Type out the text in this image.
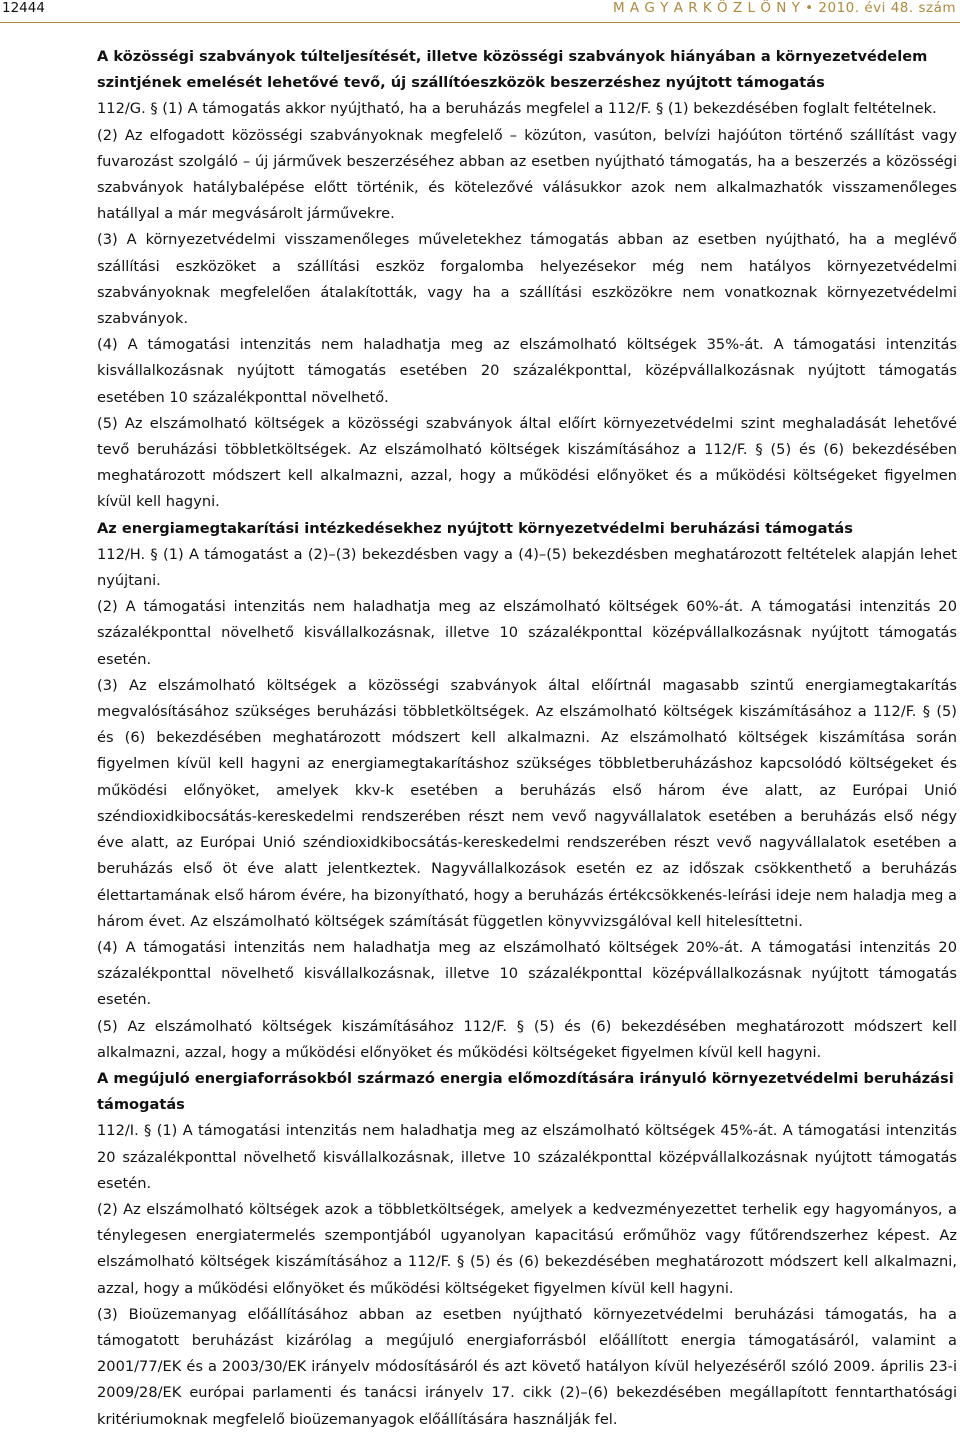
12444	M A G Y A R K Ö Z L Ö N Y • 2010. évi 48. szám
A közösségi szabványok túlteljesítését, illetve közösségi szabványok hiányában a környezetvédelem szintjének emelését lehetővé tevő, új szállítóeszközök beszerzéshez nyújtott támogatás

112/G. § (1) A támogatás akkor nyújtható, ha a beruházás megfelel a 112/F. § (1) bekezdésében foglalt feltételnek.

(2) Az elfogadott közösségi szabványoknak megfelelő – közúton, vasúton, belvízi hajóúton történő szállítást vagy fuvarozást szolgáló – új járművek beszerzéséhez abban az esetben nyújtható támogatás, ha a beszerzés a közösségi szabványok hatálybalépése előtt történik, és kötelezővé válásukkor azok nem alkalmazhatók visszamenőleges hatállyal a már megvásárolt járművekre.

(3) A környezetvédelmi visszamenőleges műveletekhez támogatás abban az esetben nyújtható, ha a meglévő szállítási eszközöket a szállítási eszköz forgalomba helyezésekor még nem hatályos környezetvédelmi szabványoknak megfelelően átalakították, vagy ha a szállítási eszközökre nem vonatkoznak környezetvédelmi szabványok.

(4) A támogatási intenzitás nem haladhatja meg az elszámolható költségek 35%-át. A támogatási intenzitás kisvállalkozásnak nyújtott támogatás esetében 20 százalékponttal, középvállalkozásnak nyújtott támogatás esetében 10 százalékponttal növelhető.

(5) Az elszámolható költségek a közösségi szabványok által előírt környezetvédelmi szint meghaladását lehetővé tevő beruházási többletköltségek. Az elszámolható költségek kiszámításához a 112/F. § (5) és (6) bekezdésében meghatározott módszert kell alkalmazni, azzal, hogy a működési előnyöket és a működési költségeket figyelmen kívül kell hagyni.

Az energiamegtakarítási intézkedésekhez nyújtott környezetvédelmi beruházási támogatás

112/H. § (1) A támogatást a (2)–(3) bekezdésben vagy a (4)–(5) bekezdésben meghatározott feltételek alapján lehet nyújtani.

(2) A támogatási intenzitás nem haladhatja meg az elszámolható költségek 60%-át. A támogatási intenzitás 20 százalékponttal növelhető kisvállalkozásnak, illetve 10 százalékponttal középvállalkozásnak nyújtott támogatás esetén.

(3) Az elszámolható költségek a közösségi szabványok által előírtnál magasabb szintű energiamegtakarítás megvalósításához szükséges beruházási többletköltségek. Az elszámolható költségek kiszámításához a 112/F. § (5) és (6) bekezdésében meghatározott módszert kell alkalmazni. Az elszámolható költségek kiszámítása során figyelmen kívül kell hagyni az energiamegtakarításhoz szükséges többletberuházáshoz kapcsolódó költségeket és működési előnyöket, amelyek kkv-k esetében a beruházás első három éve alatt, az Európai Unió széndioxidkibocsátás-kereskedelmi rendszerében részt nem vevő nagyvállalatok esetében a beruházás első négy éve alatt, az Európai Unió széndioxidkibocsátás-kereskedelmi rendszerében részt vevő nagyvállalatok esetében a beruházás első öt éve alatt jelentkeztek. Nagyvállalkozások esetén ez az időszak csökkenthető a beruházás élettartamának első három évére, ha bizonyítható, hogy a beruházás értékcsökkenés-leírási ideje nem haladja meg a három évet. Az elszámolható költségek számítását független könyvvizsgálóval kell hitelesíttetni.

(4) A támogatási intenzitás nem haladhatja meg az elszámolható költségek 20%-át. A támogatási intenzitás 20 százalékponttal növelhető kisvállalkozásnak, illetve 10 százalékponttal középvállalkozásnak nyújtott támogatás esetén.

(5) Az elszámolható költségek kiszámításához 112/F. § (5) és (6) bekezdésében meghatározott módszert kell alkalmazni, azzal, hogy a működési előnyöket és működési költségeket figyelmen kívül kell hagyni.

A megújuló energiaforrásokból származó energia előmozdítására irányuló környezetvédelmi beruházási támogatás

112/I. § (1) A támogatási intenzitás nem haladhatja meg az elszámolható költségek 45%-át. A támogatási intenzitás 20 százalékponttal növelhető kisvállalkozásnak, illetve 10 százalékponttal középvállalkozásnak nyújtott támogatás esetén.

(2) Az elszámolható költségek azok a többletköltségek, amelyek a kedvezményezettet terhelik egy hagyományos, a ténylegesen energiatermelés szempontjából ugyanolyan kapacitású erőműhöz vagy fűtőrendszerhez képest. Az elszámolható költségek kiszámításához a 112/F. § (5) és (6) bekezdésében meghatározott módszert kell alkalmazni, azzal, hogy a működési előnyöket és működési költségeket figyelmen kívül kell hagyni.

(3) Bioüzemanyag előállításához abban az esetben nyújtható környezetvédelmi beruházási támogatás, ha a támogatott beruházást kizárólag a megújuló energiaforrásból előállított energia támogatásáról, valamint a 2001/77/EK és a 2003/30/EK irányelv módosításáról és azt követő hatályon kívül helyezéséről szóló 2009. április 23-i 2009/28/EK európai parlamenti és tanácsi irányelv 17. cikk (2)–(6) bekezdésében megállapított fenntarthatósági kritériumoknak megfelelő bioüzemanyagok előállítására használják fel.
